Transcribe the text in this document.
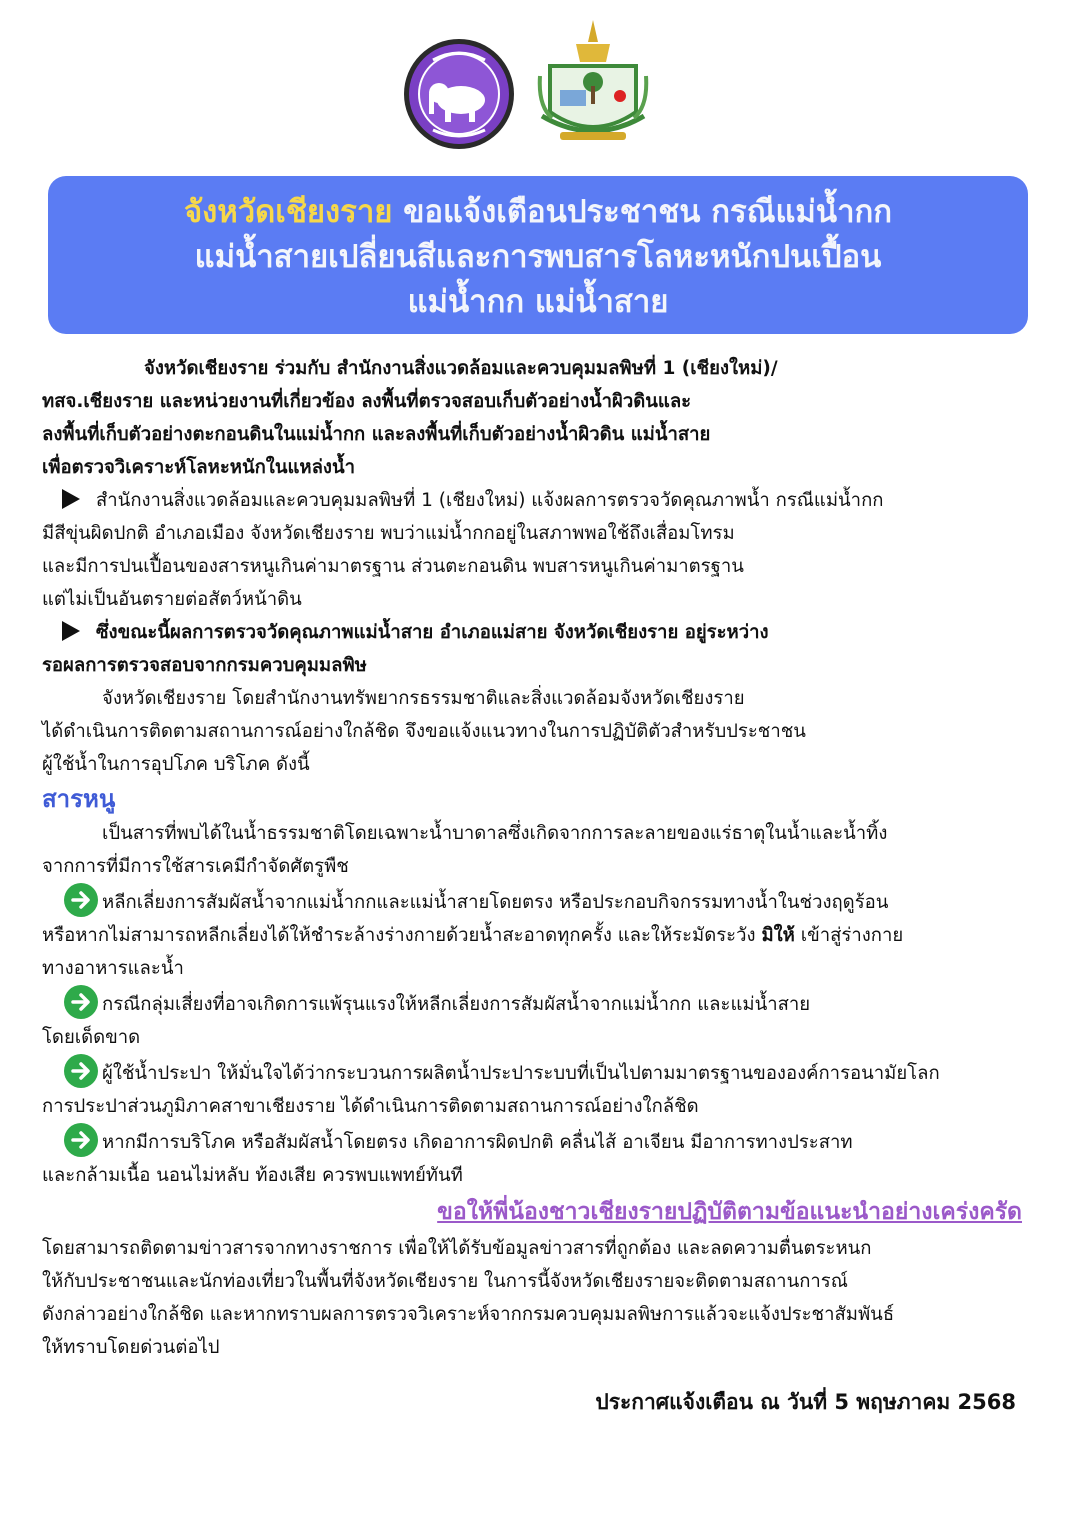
จังหวัดเชียงราย ขอแจ้งเตือนประชาชน กรณีแม่น้ำกก
แม่น้ำสายเปลี่ยนสีและการพบสารโลหะหนักปนเปื้อน
แม่น้ำกก แม่น้ำสาย

จังหวัดเชียงราย ร่วมกับ สำนักงานสิ่งแวดล้อมและควบคุมมลพิษที่ 1 (เชียงใหม่)/

ทสจ.เชียงราย และหน่วยงานที่เกี่ยวข้อง ลงพื้นที่ตรวจสอบเก็บตัวอย่างน้ำผิวดินและ

ลงพื้นที่เก็บตัวอย่างตะกอนดินในแม่น้ำกก และลงพื้นที่เก็บตัวอย่างน้ำผิวดิน แม่น้ำสาย

เพื่อตรวจวิเคราะห์โลหะหนักในแหล่งน้ำ

สำนักงานสิ่งแวดล้อมและควบคุมมลพิษที่ 1 (เชียงใหม่) แจ้งผลการตรวจวัดคุณภาพน้ำ กรณีแม่น้ำกก

มีสีขุ่นผิดปกติ อำเภอเมือง จังหวัดเชียงราย พบว่าแม่น้ำกกอยู่ในสภาพพอใช้ถึงเสื่อมโทรม

และมีการปนเปื้อนของสารหนูเกินค่ามาตรฐาน ส่วนตะกอนดิน พบสารหนูเกินค่ามาตรฐาน

แต่ไม่เป็นอันตรายต่อสัตว์หน้าดิน

ซึ่งขณะนี้ผลการตรวจวัดคุณภาพแม่น้ำสาย อำเภอแม่สาย จังหวัดเชียงราย อยู่ระหว่าง

รอผลการตรวจสอบจากกรมควบคุมมลพิษ

จังหวัดเชียงราย โดยสำนักงานทรัพยากรธรรมชาติและสิ่งแวดล้อมจังหวัดเชียงราย

ได้ดำเนินการติดตามสถานการณ์อย่างใกล้ชิด จึงขอแจ้งแนวทางในการปฏิบัติตัวสำหรับประชาชน

ผู้ใช้น้ำในการอุปโภค บริโภค ดังนี้

สารหนู

เป็นสารที่พบได้ในน้ำธรรมชาติโดยเฉพาะน้ำบาดาลซึ่งเกิดจากการละลายของแร่ธาตุในน้ำและน้ำทิ้ง

จากการที่มีการใช้สารเคมีกำจัดศัตรูพืช

หลีกเลี่ยงการสัมผัสน้ำจากแม่น้ำกกและแม่น้ำสายโดยตรง หรือประกอบกิจกรรมทางน้ำในช่วงฤดูร้อน

หรือหากไม่สามารถหลีกเลี่ยงได้ให้ชำระล้างร่างกายด้วยน้ำสะอาดทุกครั้ง และให้ระมัดระวัง มิให้ เข้าสู่ร่างกาย

ทางอาหารและน้ำ

กรณีกลุ่มเสี่ยงที่อาจเกิดการแพ้รุนแรงให้หลีกเลี่ยงการสัมผัสน้ำจากแม่น้ำกก และแม่น้ำสาย

โดยเด็ดขาด

ผู้ใช้น้ำประปา ให้มั่นใจได้ว่ากระบวนการผลิตน้ำประปาระบบที่เป็นไปตามมาตรฐานขององค์การอนามัยโลก

การประปาส่วนภูมิภาคสาขาเชียงราย ได้ดำเนินการติดตามสถานการณ์อย่างใกล้ชิด

หากมีการบริโภค หรือสัมผัสน้ำโดยตรง เกิดอาการผิดปกติ คลื่นไส้ อาเจียน มีอาการทางประสาท

และกล้ามเนื้อ นอนไม่หลับ ท้องเสีย ควรพบแพทย์ทันที

ขอให้พี่น้องชาวเชียงรายปฏิบัติตามข้อแนะนำอย่างเคร่งครัด

โดยสามารถติดตามข่าวสารจากทางราชการ เพื่อให้ได้รับข้อมูลข่าวสารที่ถูกต้อง และลดความตื่นตระหนก

ให้กับประชาชนและนักท่องเที่ยวในพื้นที่จังหวัดเชียงราย ในการนี้จังหวัดเชียงรายจะติดตามสถานการณ์

ดังกล่าวอย่างใกล้ชิด และหากทราบผลการตรวจวิเคราะห์จากกรมควบคุมมลพิษการแล้วจะแจ้งประชาสัมพันธ์

ให้ทราบโดยด่วนต่อไป

ประกาศแจ้งเตือน ณ วันที่ 5 พฤษภาคม 2568
